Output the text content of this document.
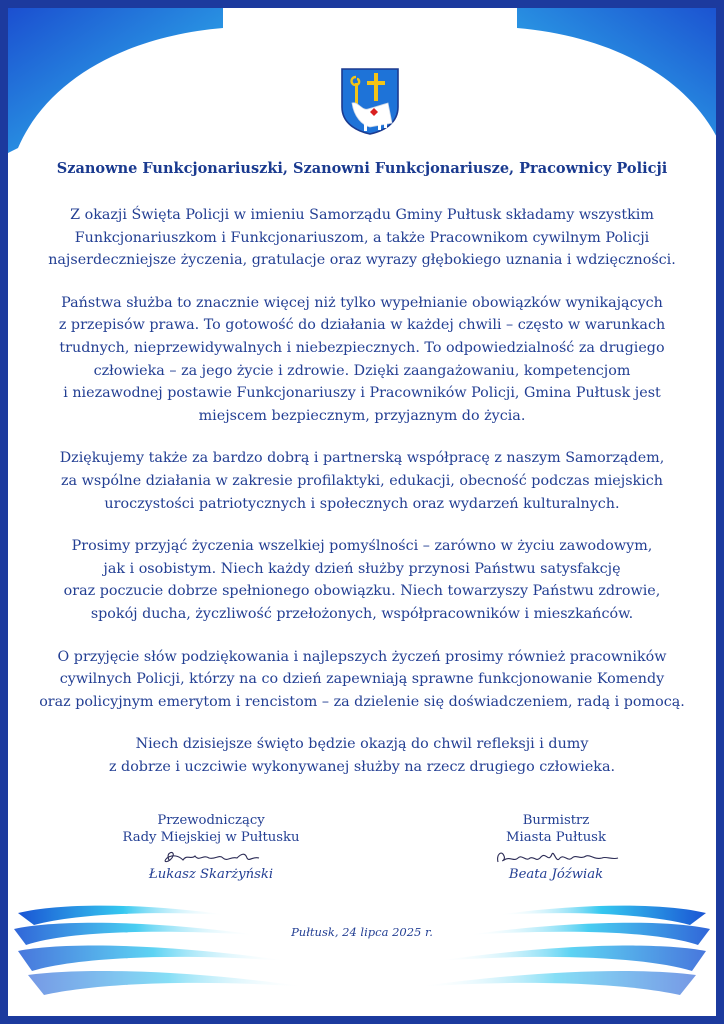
Szanowne Funkcjonariuszki, Szanowni Funkcjonariusze, Pracownicy Policji

Z okazji Święta Policji w imieniu Samorządu Gminy Pułtusk składamy wszystkim
Funkcjonariuszkom i Funkcjonariuszom, a także Pracownikom cywilnym Policji
najserdeczniejsze życzenia, gratulacje oraz wyrazy głębokiego uznania i wdzięczności.

Państwa służba to znacznie więcej niż tylko wypełnianie obowiązków wynikających
z przepisów prawa. To gotowość do działania w każdej chwili – często w warunkach
trudnych, nieprzewidywalnych i niebezpiecznych. To odpowiedzialność za drugiego
człowieka – za jego życie i zdrowie. Dzięki zaangażowaniu, kompetencjom
i niezawodnej postawie Funkcjonariuszy i Pracowników Policji, Gmina Pułtusk jest
miejscem bezpiecznym, przyjaznym do życia.

Dziękujemy także za bardzo dobrą i partnerską współpracę z naszym Samorządem,
za wspólne działania w zakresie profilaktyki, edukacji, obecność podczas miejskich
uroczystości patriotycznych i społecznych oraz wydarzeń kulturalnych.

Prosimy przyjąć życzenia wszelkiej pomyślności – zarówno w życiu zawodowym,
jak i osobistym. Niech każdy dzień służby przynosi Państwu satysfakcję
oraz poczucie dobrze spełnionego obowiązku. Niech towarzyszy Państwu zdrowie,
spokój ducha, życzliwość przełożonych, współpracowników i mieszkańców.

O przyjęcie słów podziękowania i najlepszych życzeń prosimy również pracowników
cywilnych Policji, którzy na co dzień zapewniają sprawne funkcjonowanie Komendy
oraz policyjnym emerytom i rencistom – za dzielenie się doświadczeniem, radą i pomocą.

Niech dzisiejsze święto będzie okazją do chwil refleksji i dumy
z dobrze i uczciwie wykonywanej służby na rzecz drugiego człowieka.

Przewodniczący
Rady Miejskiej w Pułtusku
Łukasz Skarżyński
Burmistrz
Miasta Pułtusk
Beata Jóźwiak
Pułtusk, 24 lipca 2025 r.
